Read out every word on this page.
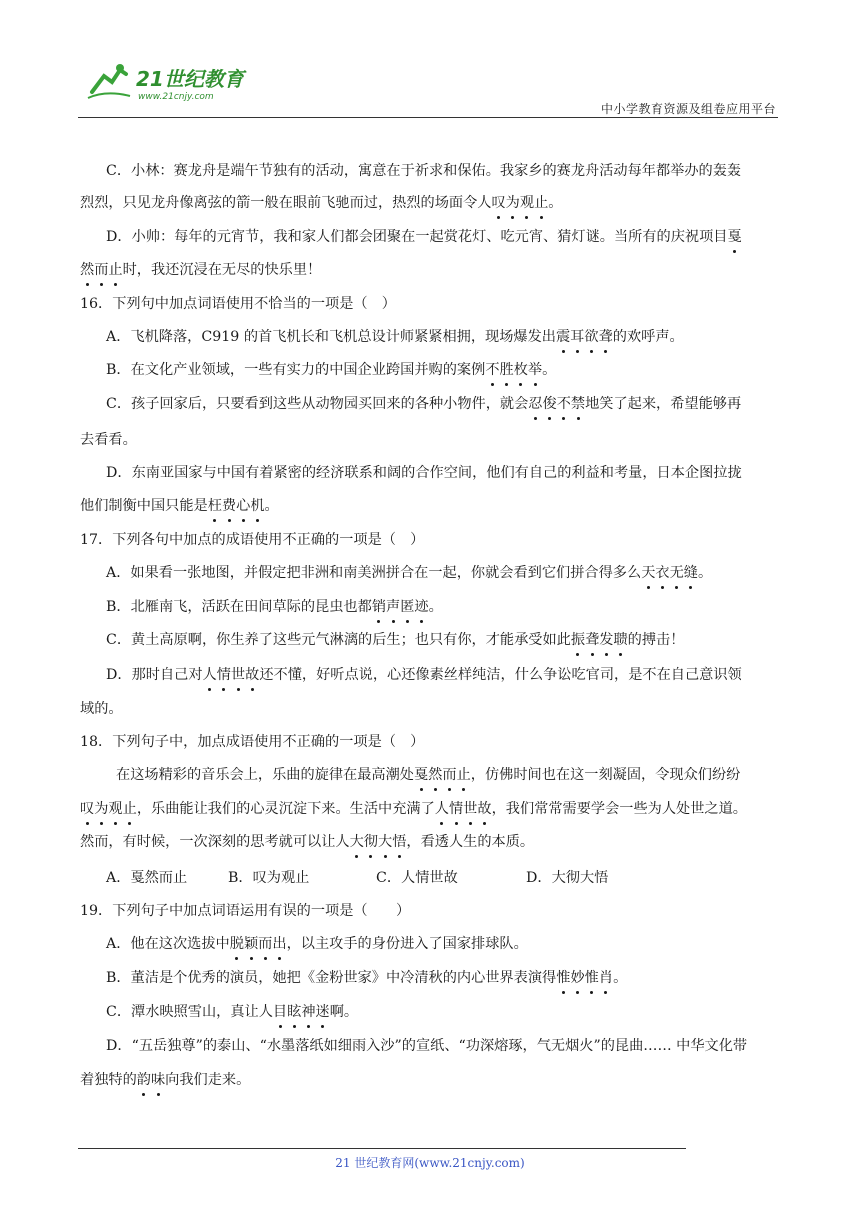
21世纪教育
www.21cnjy.com
中小学教育资源及组卷应用平台
C．小林：赛龙舟是端午节独有的活动，寓意在于祈求和保佑。我家乡的赛龙舟活动每年都举办的轰轰
烈烈，只见龙舟像离弦的箭一般在眼前飞驰而过，热烈的场面令人叹为观止。
D．小帅：每年的元宵节，我和家人们都会团聚在一起赏花灯、吃元宵、猜灯谜。当所有的庆祝项目戛
然而止时，我还沉浸在无尽的快乐里！
16．下列句中加点词语使用不恰当的一项是（　）
A．飞机降落，C919 的首飞机长和飞机总设计师紧紧相拥，现场爆发出震耳欲聋的欢呼声。
B．在文化产业领域，一些有实力的中国企业跨国并购的案例不胜枚举。
C．孩子回家后，只要看到这些从动物园买回来的各种小物件，就会忍俊不禁地笑了起来，希望能够再
去看看。
D．东南亚国家与中国有着紧密的经济联系和阔的合作空间，他们有自己的利益和考量，日本企图拉拢
他们制衡中国只能是枉费心机。
17．下列各句中加点的成语使用不正确的一项是（　）
A．如果看一张地图，并假定把非洲和南美洲拼合在一起，你就会看到它们拼合得多么天衣无缝。
B．北雁南飞，活跃在田间草际的昆虫也都销声匿迹。
C．黄土高原啊，你生养了这些元气淋漓的后生；也只有你，才能承受如此振聋发聩的搏击！
D．那时自己对人情世故还不懂，好听点说，心还像素丝样纯洁，什么争讼吃官司，是不在自己意识领
域的。
18．下列句子中，加点成语使用不正确的一项是（　）
在这场精彩的音乐会上，乐曲的旋律在最高潮处戛然而止，仿佛时间也在这一刻凝固，令现众们纷纷
叹为观止，乐曲能让我们的心灵沉淀下来。生活中充满了人情世故，我们常常需要学会一些为人处世之道。
然而，有时候，一次深刻的思考就可以让人大彻大悟，看透人生的本质。
A．戛然而止	B．叹为观止	C．人情世故	D．大彻大悟
19．下列句子中加点词语运用有误的一项是（　　）
A．他在这次选拔中脱颖而出，以主攻手的身份进入了国家排球队。
B．董洁是个优秀的演员，她把《金粉世家》中冷清秋的内心世界表演得惟妙惟肖。
C．潭水映照雪山，真让人目眩神迷啊。
D．“五岳独尊”的泰山、“水墨落纸如细雨入沙”的宣纸、“功深熔琢，气无烟火”的昆曲…… 中华文化带
着独特的韵味向我们走来。
21 世纪教育网(www.21cnjy.com)
